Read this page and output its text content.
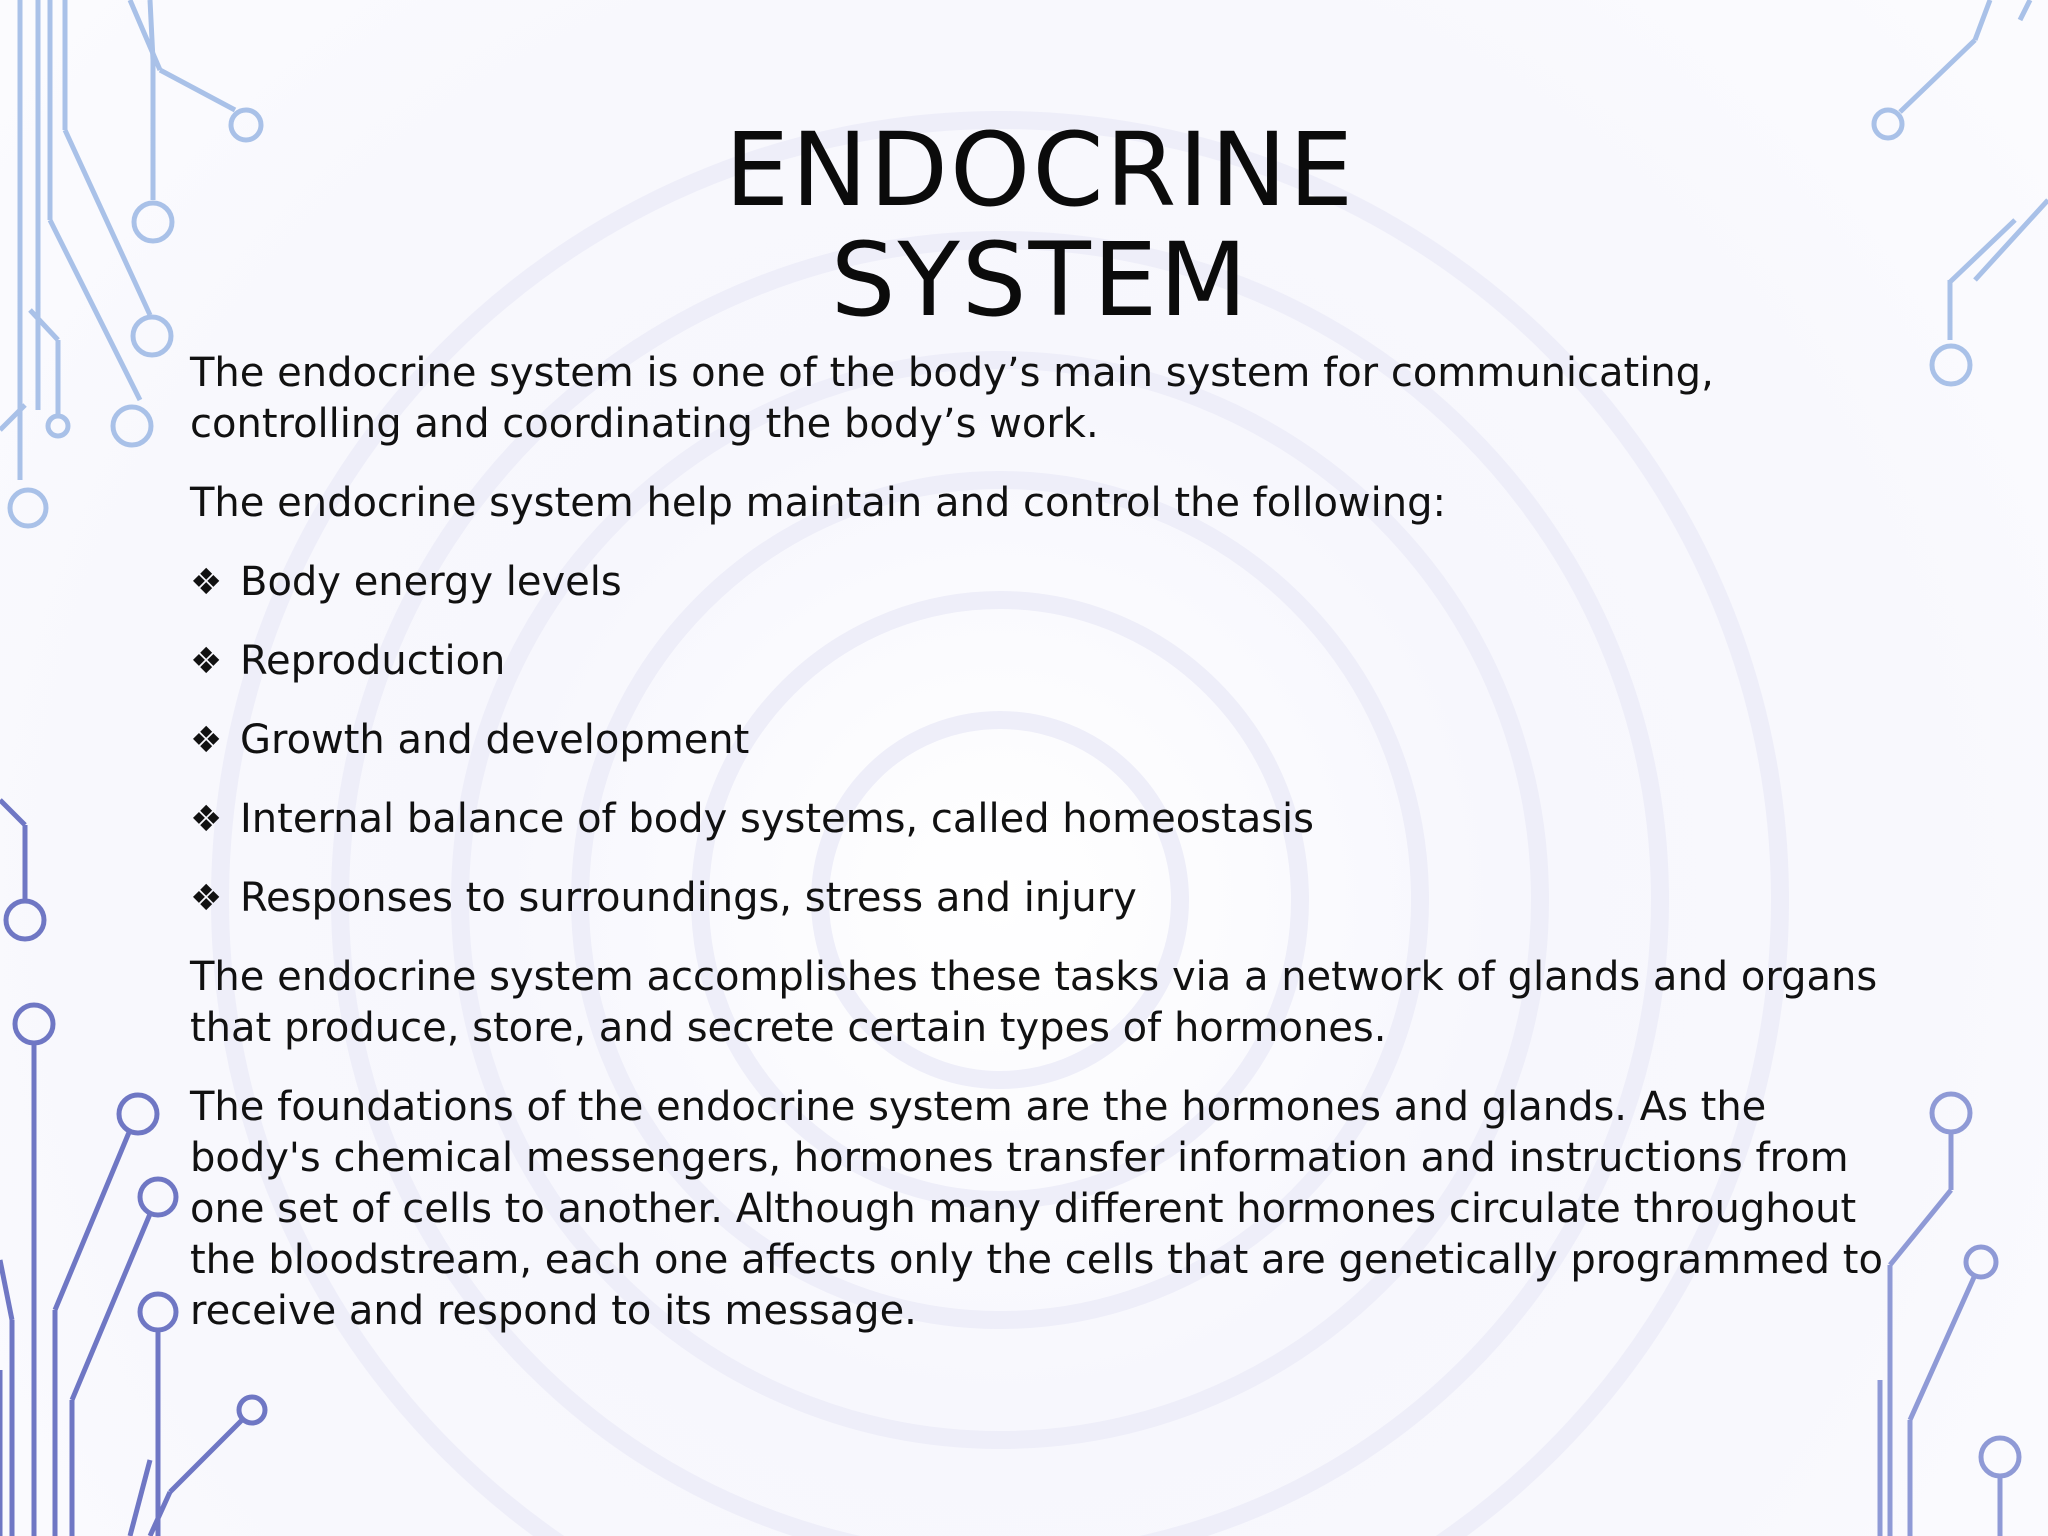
ENDOCRINE
SYSTEM

The endocrine system is one of the body’s main system for communicating,
controlling and coordinating the body’s work.

The endocrine system help maintain and control the following:

❖ Body energy levels
❖ Reproduction
❖ Growth and development
❖ Internal balance of body systems, called homeostasis
❖ Responses to surroundings, stress and injury

The endocrine system accomplishes these tasks via a network of glands and organs
that produce, store, and secrete certain types of hormones.

The foundations of the endocrine system are the hormones and glands. As the
body's chemical messengers, hormones transfer information and instructions from
one set of cells to another. Although many different hormones circulate throughout
the bloodstream, each one affects only the cells that are genetically programmed to
receive and respond to its message.
